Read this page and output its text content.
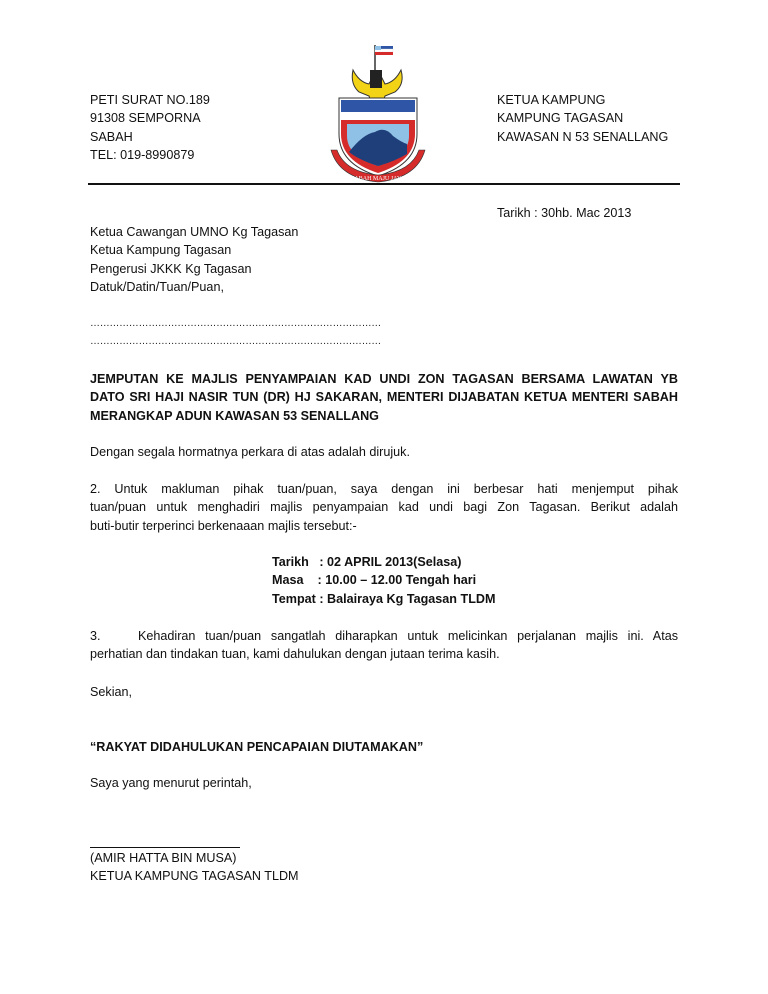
PETI SURAT NO.189
91308 SEMPORNA
SABAH
TEL: 019-8990879
SABAH MAJU JAYA
KETUA KAMPUNG
KAMPUNG TAGASAN
KAWASAN N 53 SENALLANG
Tarikh : 30hb. Mac 2013
Ketua Cawangan UMNO Kg Tagasan
Ketua Kampung Tagasan
Pengerusi JKKK Kg Tagasan
Datuk/Datin/Tuan/Puan,
………………………………………………………………………………
………………………………………………………………………………
JEMPUTAN KE MAJLIS PENYAMPAIAN KAD UNDI ZON TAGASAN BERSAMA LAWATAN YB
DATO SRI HAJI NASIR TUN (DR) HJ SAKARAN, MENTERI DIJABATAN KETUA MENTERI SABAH
MERANGKAP ADUN KAWASAN 53 SENALLANG
Dengan segala hormatnya perkara di atas adalah dirujuk.
2. Untuk makluman pihak tuan/puan, saya dengan ini berbesar hati menjemput pihak
tuan/puan untuk menghadiri majlis penyampaian kad undi bagi Zon Tagasan. Berikut adalah
buti-butir terperinci berkenaaan majlis tersebut:-
Tarikh   : 02 APRIL 2013(Selasa)
Masa    : 10.00 – 12.00 Tengah hari
Tempat : Balairaya Kg Tagasan TLDM
3.	Kehadiran tuan/puan sangatlah diharapkan untuk melicinkan perjalanan majlis ini. Atas
perhatian dan tindakan tuan, kami dahulukan dengan jutaan terima kasih.
Sekian,
“RAKYAT DIDAHULUKAN PENCAPAIAN DIUTAMAKAN”
Saya yang menurut perintah,
(AMIR HATTA BIN MUSA)
KETUA KAMPUNG TAGASAN TLDM
